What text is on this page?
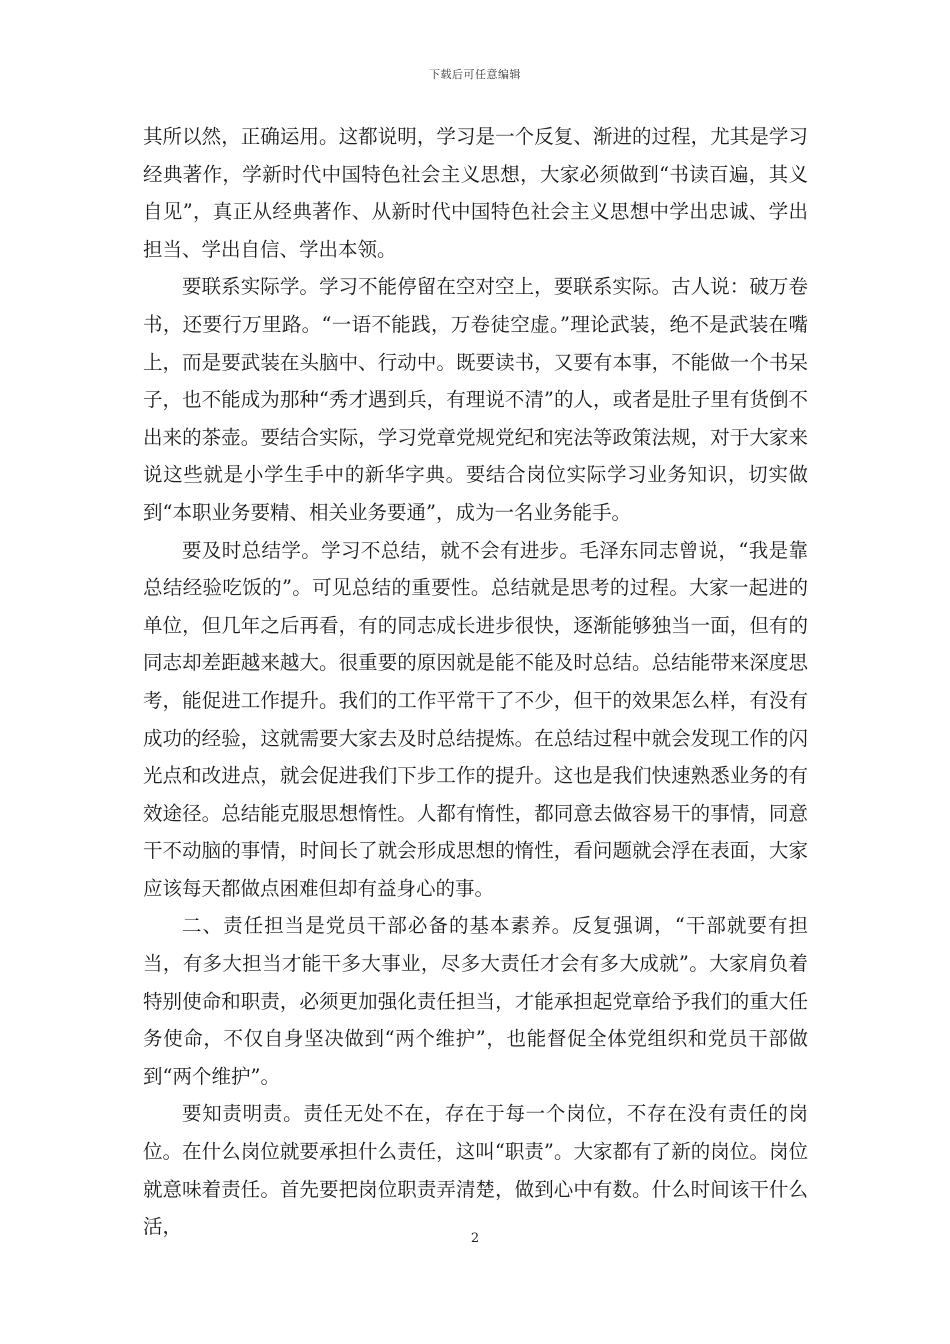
下载后可任意编辑

其所以然，正确运用。这都说明，学习是一个反复、渐进的过程，尤其是学习经典著作，学新时代中国特色社会主义思想，大家必须做到“书读百遍，其义自见”，真正从经典著作、从新时代中国特色社会主义思想中学出忠诚、学出担当、学出自信、学出本领。

要联系实际学。学习不能停留在空对空上，要联系实际。古人说：破万卷书，还要行万里路。“一语不能践，万卷徒空虚。”理论武装，绝不是武装在嘴上，而是要武装在头脑中、行动中。既要读书，又要有本事，不能做一个书呆子，也不能成为那种“秀才遇到兵，有理说不清”的人，或者是肚子里有货倒不出来的茶壶。要结合实际，学习党章党规党纪和宪法等政策法规，对于大家来说这些就是小学生手中的新华字典。要结合岗位实际学习业务知识，切实做到“本职业务要精、相关业务要通”，成为一名业务能手。

要及时总结学。学习不总结，就不会有进步。毛泽东同志曾说，“我是靠总结经验吃饭的”。可见总结的重要性。总结就是思考的过程。大家一起进的单位，但几年之后再看，有的同志成长进步很快，逐渐能够独当一面，但有的同志却差距越来越大。很重要的原因就是能不能及时总结。总结能带来深度思考，能促进工作提升。我们的工作平常干了不少，但干的效果怎么样，有没有成功的经验，这就需要大家去及时总结提炼。在总结过程中就会发现工作的闪光点和改进点，就会促进我们下步工作的提升。这也是我们快速熟悉业务的有效途径。总结能克服思想惰性。人都有惰性，都同意去做容易干的事情，同意干不动脑的事情，时间长了就会形成思想的惰性，看问题就会浮在表面，大家应该每天都做点困难但却有益身心的事。

二、责任担当是党员干部必备的基本素养。反复强调，“干部就要有担当，有多大担当才能干多大事业，尽多大责任才会有多大成就”。大家肩负着特别使命和职责，必须更加强化责任担当，才能承担起党章给予我们的重大任务使命，不仅自身坚决做到“两个维护”，也能督促全体党组织和党员干部做到“两个维护”。

要知责明责。责任无处不在，存在于每一个岗位，不存在没有责任的岗位。在什么岗位就要承担什么责任，这叫“职责”。大家都有了新的岗位。岗位就意味着责任。首先要把岗位职责弄清楚，做到心中有数。什么时间该干什么活，

2
